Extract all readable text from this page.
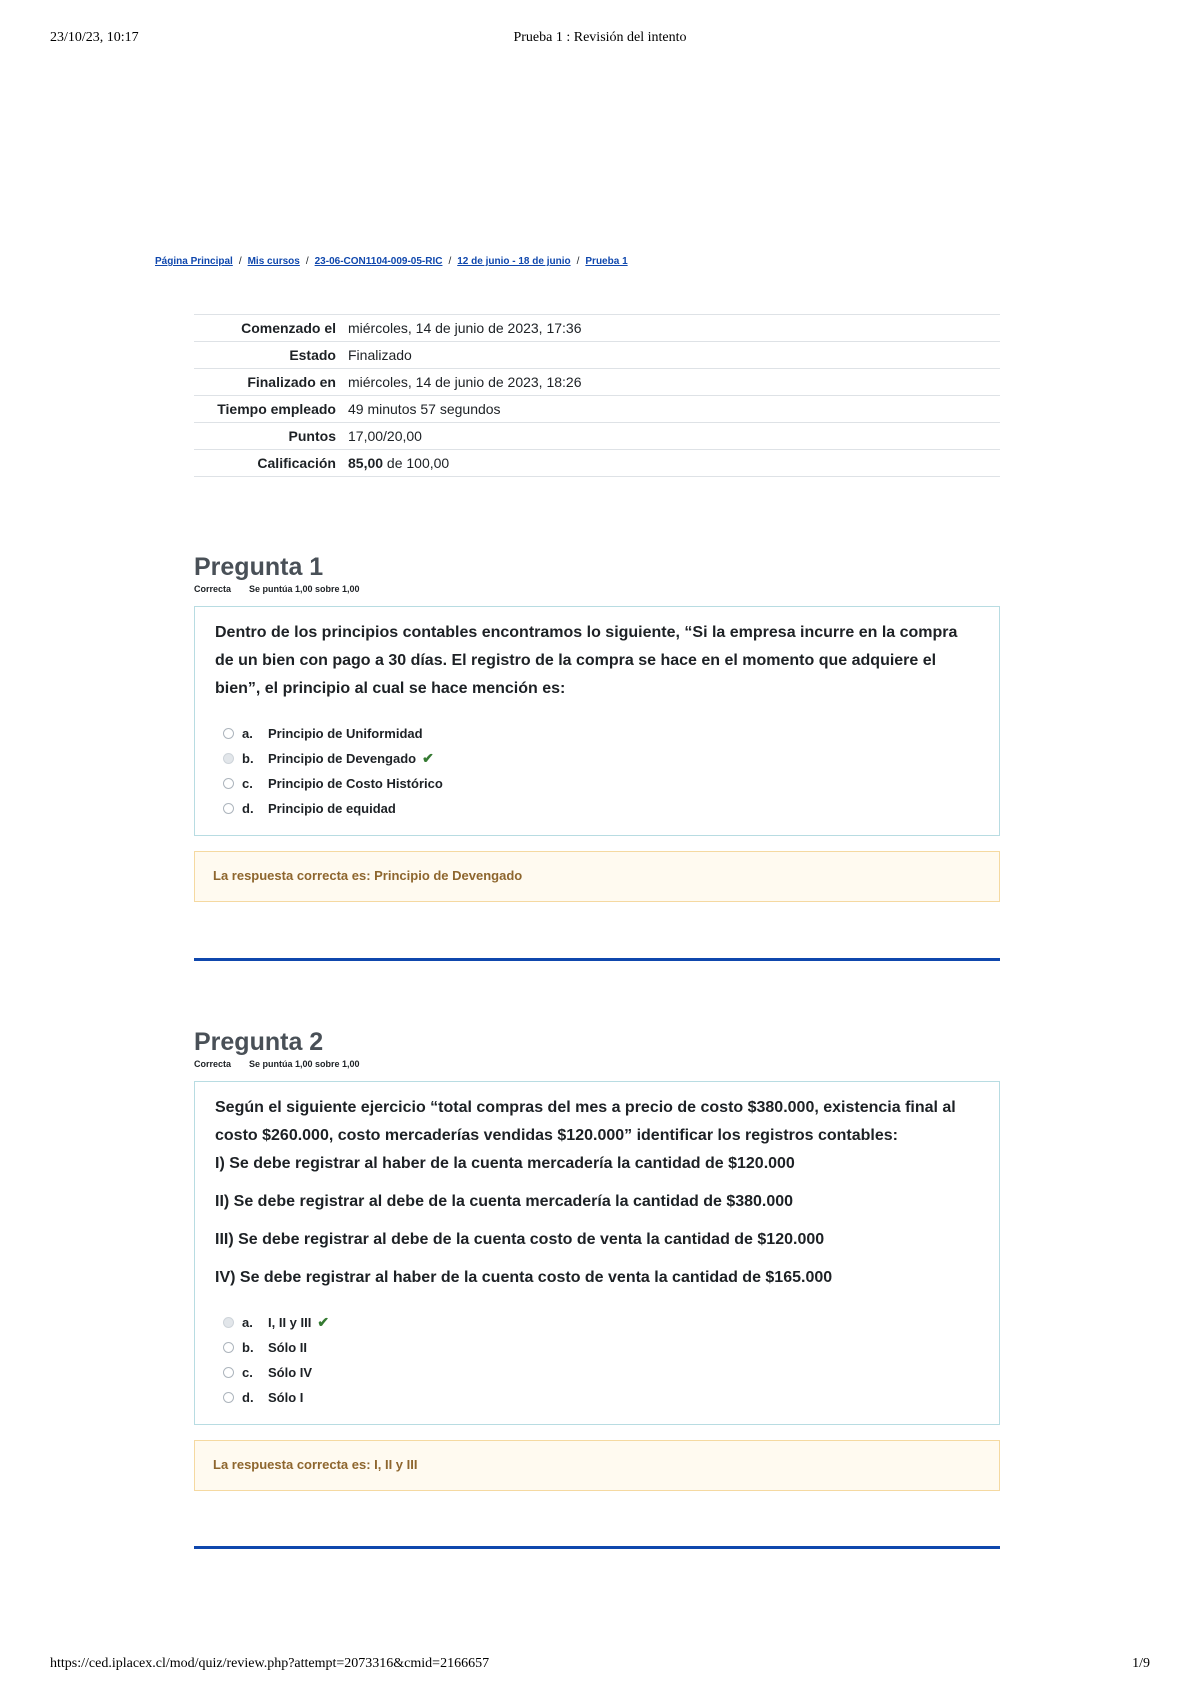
23/10/23, 10:17	Prueba 1 : Revisión del intento
Página Principal / Mis cursos / 23-06-CON1104-009-05-RIC / 12 de junio - 18 de junio / Prueba 1
Comenzado el	miércoles, 14 de junio de 2023, 17:36
Estado	Finalizado
Finalizado en	miércoles, 14 de junio de 2023, 18:26
Tiempo empleado	49 minutos 57 segundos
Puntos	17,00/20,00
Calificación	85,00 de 100,00
Pregunta 1
Correcta Se puntúa 1,00 sobre 1,00

Dentro de los principios contables encontramos lo siguiente, “Si la empresa incurre en la compra de un bien con pago a 30 días. El registro de la compra se hace en el momento que adquiere el bien”, el principio al cual se hace mención es:

a.	Principio de Uniformidad
b.	Principio de Devengado ✔
c.	Principio de Costo Histórico
d.	Principio de equidad
La respuesta correcta es: Principio de Devengado
Pregunta 2
Correcta Se puntúa 1,00 sobre 1,00

Según el siguiente ejercicio “total compras del mes a precio de costo $380.000, existencia final al costo $260.000, costo mercaderías vendidas $120.000” identificar los registros contables:

I) Se debe registrar al haber de la cuenta mercadería la cantidad de $120.000

II) Se debe registrar al debe de la cuenta mercadería la cantidad de $380.000

III) Se debe registrar al debe de la cuenta costo de venta la cantidad de $120.000

IV) Se debe registrar al haber de la cuenta costo de venta la cantidad de $165.000

a.	I, II y III ✔
b.	Sólo II
c.	Sólo IV
d.	Sólo I
La respuesta correcta es: I, II y III
https://ced.iplacex.cl/mod/quiz/review.php?attempt=2073316&cmid=2166657	1/9
